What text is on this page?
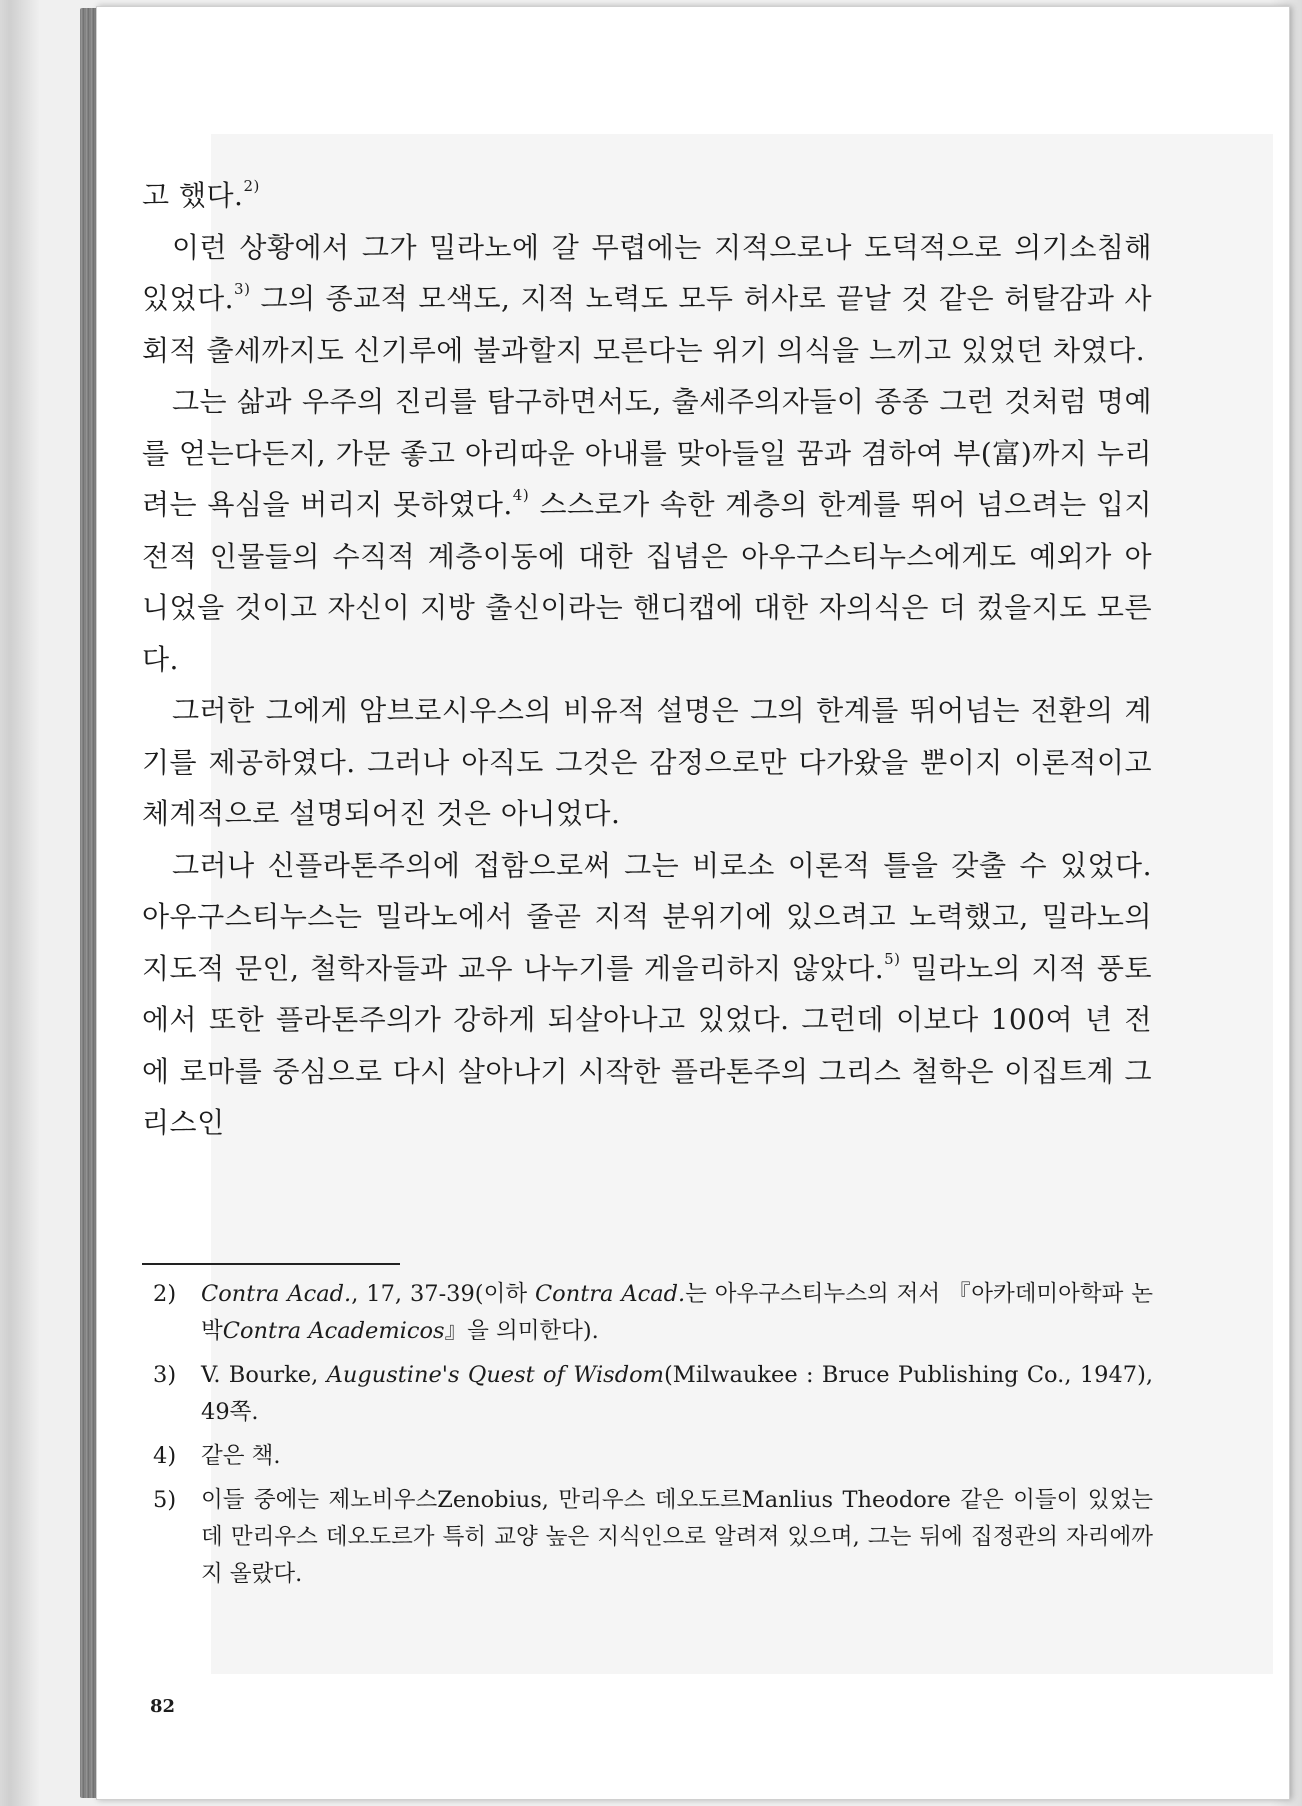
고 했다.$^{2)}$

이런 상황에서 그가 밀라노에 갈 무렵에는 지적으로나 도덕적으로 의기소침해 있었다.$^{3)}$ 그의 종교적 모색도, 지적 노력도 모두 허사로 끝날 것 같은 허탈감과 사회적 출세까지도 신기루에 불과할지 모른다는 위기 의식을 느끼고 있었던 차였다.

그는 삶과 우주의 진리를 탐구하면서도, 출세주의자들이 종종 그런 것처럼 명예를 얻는다든지, 가문 좋고 아리따운 아내를 맞아들일 꿈과 겸하여 부(富)까지 누리려는 욕심을 버리지 못하였다.$^{4)}$ 스스로가 속한 계층의 한계를 뛰어 넘으려는 입지전적 인물들의 수직적 계층이동에 대한 집념은 아우구스티누스에게도 예외가 아니었을 것이고 자신이 지방 출신이라는 핸디캡에 대한 자의식은 더 컸을지도 모른다.

그러한 그에게 암브로시우스의 비유적 설명은 그의 한계를 뛰어넘는 전환의 계기를 제공하였다. 그러나 아직도 그것은 감정으로만 다가왔을 뿐이지 이론적이고 체계적으로 설명되어진 것은 아니었다.

그러나 신플라톤주의에 접함으로써 그는 비로소 이론적 틀을 갖출 수 있었다. 아우구스티누스는 밀라노에서 줄곧 지적 분위기에 있으려고 노력했고, 밀라노의 지도적 문인, 철학자들과 교우 나누기를 게을리하지 않았다.$^{5)}$ 밀라노의 지적 풍토에서 또한 플라톤주의가 강하게 되살아나고 있었다. 그런데 이보다 100여 년 전에 로마를 중심으로 다시 살아나기 시작한 플라톤주의 그리스 철학은 이집트계 그리스인

2) Contra Acad., 17, 37-39(이하 Contra Acad.는 아우구스티누스의 저서 『아카데미아학파 논박Contra Academicos』을 의미한다).
3) V. Bourke, Augustine's Quest of Wisdom(Milwaukee : Bruce Publishing Co., 1947), 49쪽.
4) 같은 책.
5) 이들 중에는 제노비우스Zenobius, 만리우스 데오도르Manlius Theodore 같은 이들이 있었는데 만리우스 데오도르가 특히 교양 높은 지식인으로 알려져 있으며, 그는 뒤에 집정관의 자리에까지 올랐다.
82
